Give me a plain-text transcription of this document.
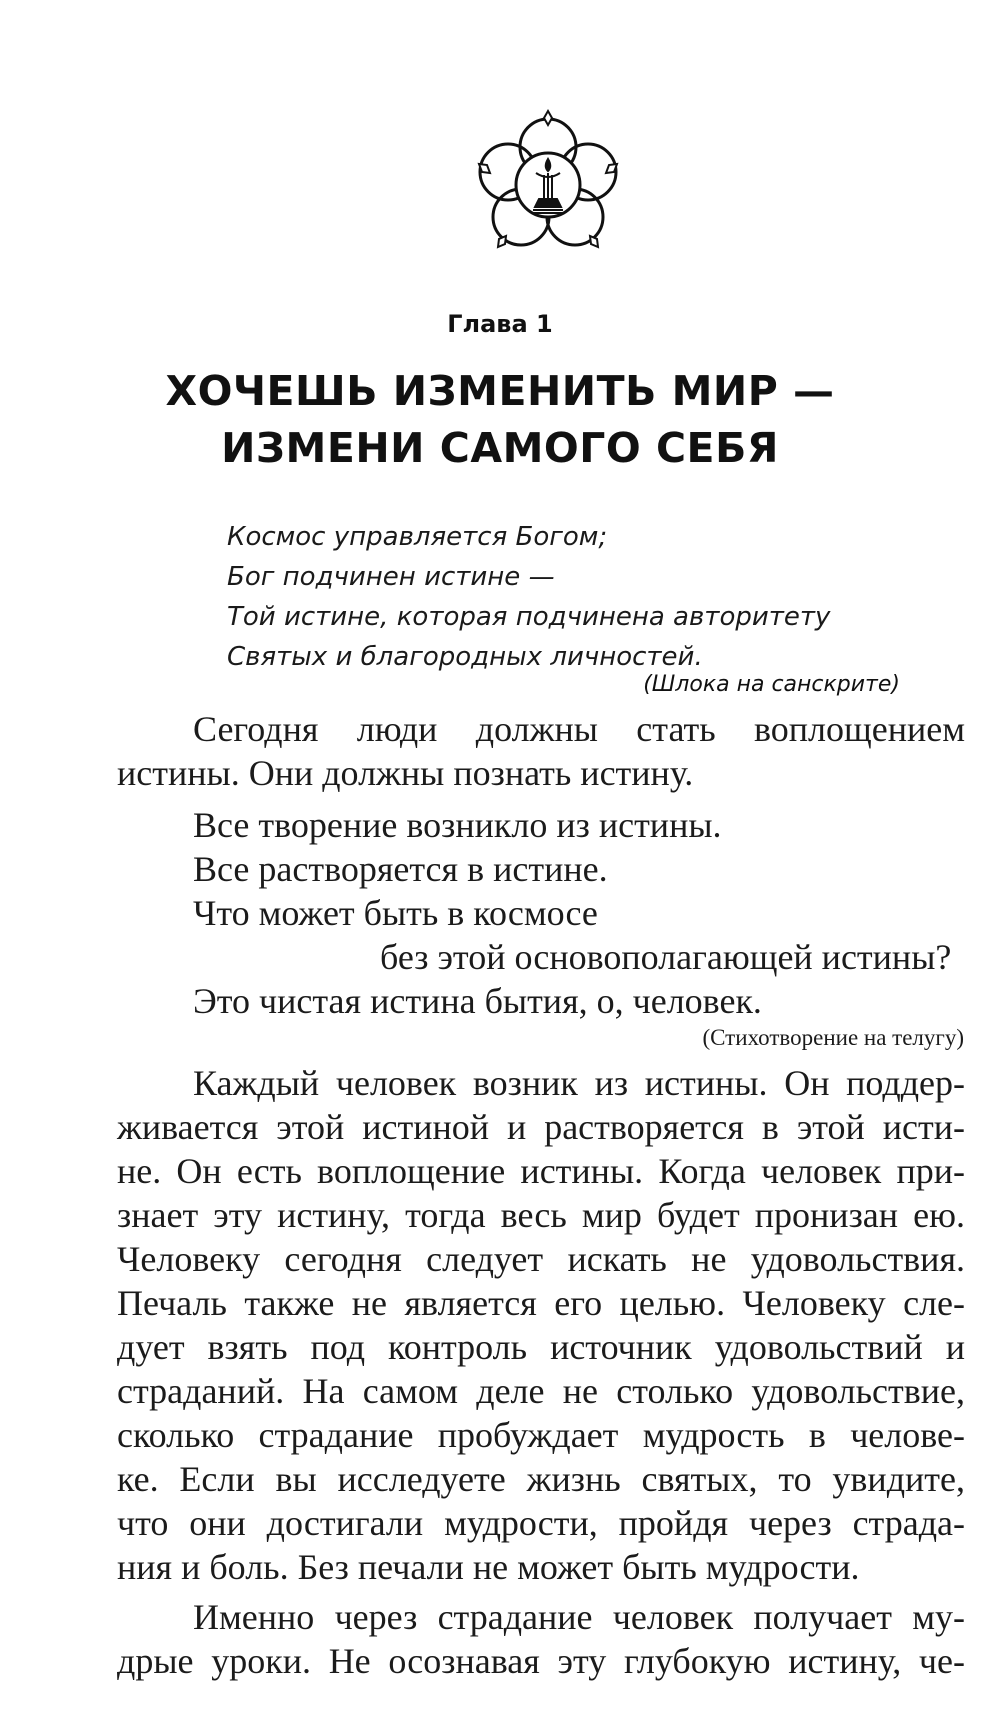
Глава 1
ХОЧЕШЬ ИЗМЕНИТЬ МИР —
ИЗМЕНИ САМОГО СЕБЯ
Космос управляется Богом;
Бог подчинен истине —
Той истине, которая подчинена авторитету
Святых и благородных личностей.
(Шлока на санскрите)
Сегодня люди должны стать воплощением
истины. Они должны познать истину.
Все творение возникло из истины.
Все растворяется в истине.
Что может быть в космосе
без этой основополагающей истины?
Это чистая истина бытия, о, человек.
(Стихотворение на телугу)
Каждый человек возник из истины. Он поддер-
живается этой истиной и растворяется в этой исти-
не. Он есть воплощение истины. Когда человек при-
знает эту истину, тогда весь мир будет пронизан ею.
Человеку сегодня следует искать не удовольствия.
Печаль также не является его целью. Человеку сле-
дует взять под контроль источник удовольствий и
страданий. На самом деле не столько удовольствие,
сколько страдание пробуждает мудрость в челове-
ке. Если вы исследуете жизнь святых, то увидите,
что они достигали мудрости, пройдя через страда-
ния и боль. Без печали не может быть мудрости.
Именно через страдание человек получает му-
дрые уроки. Не осознавая эту глубокую истину, че-
